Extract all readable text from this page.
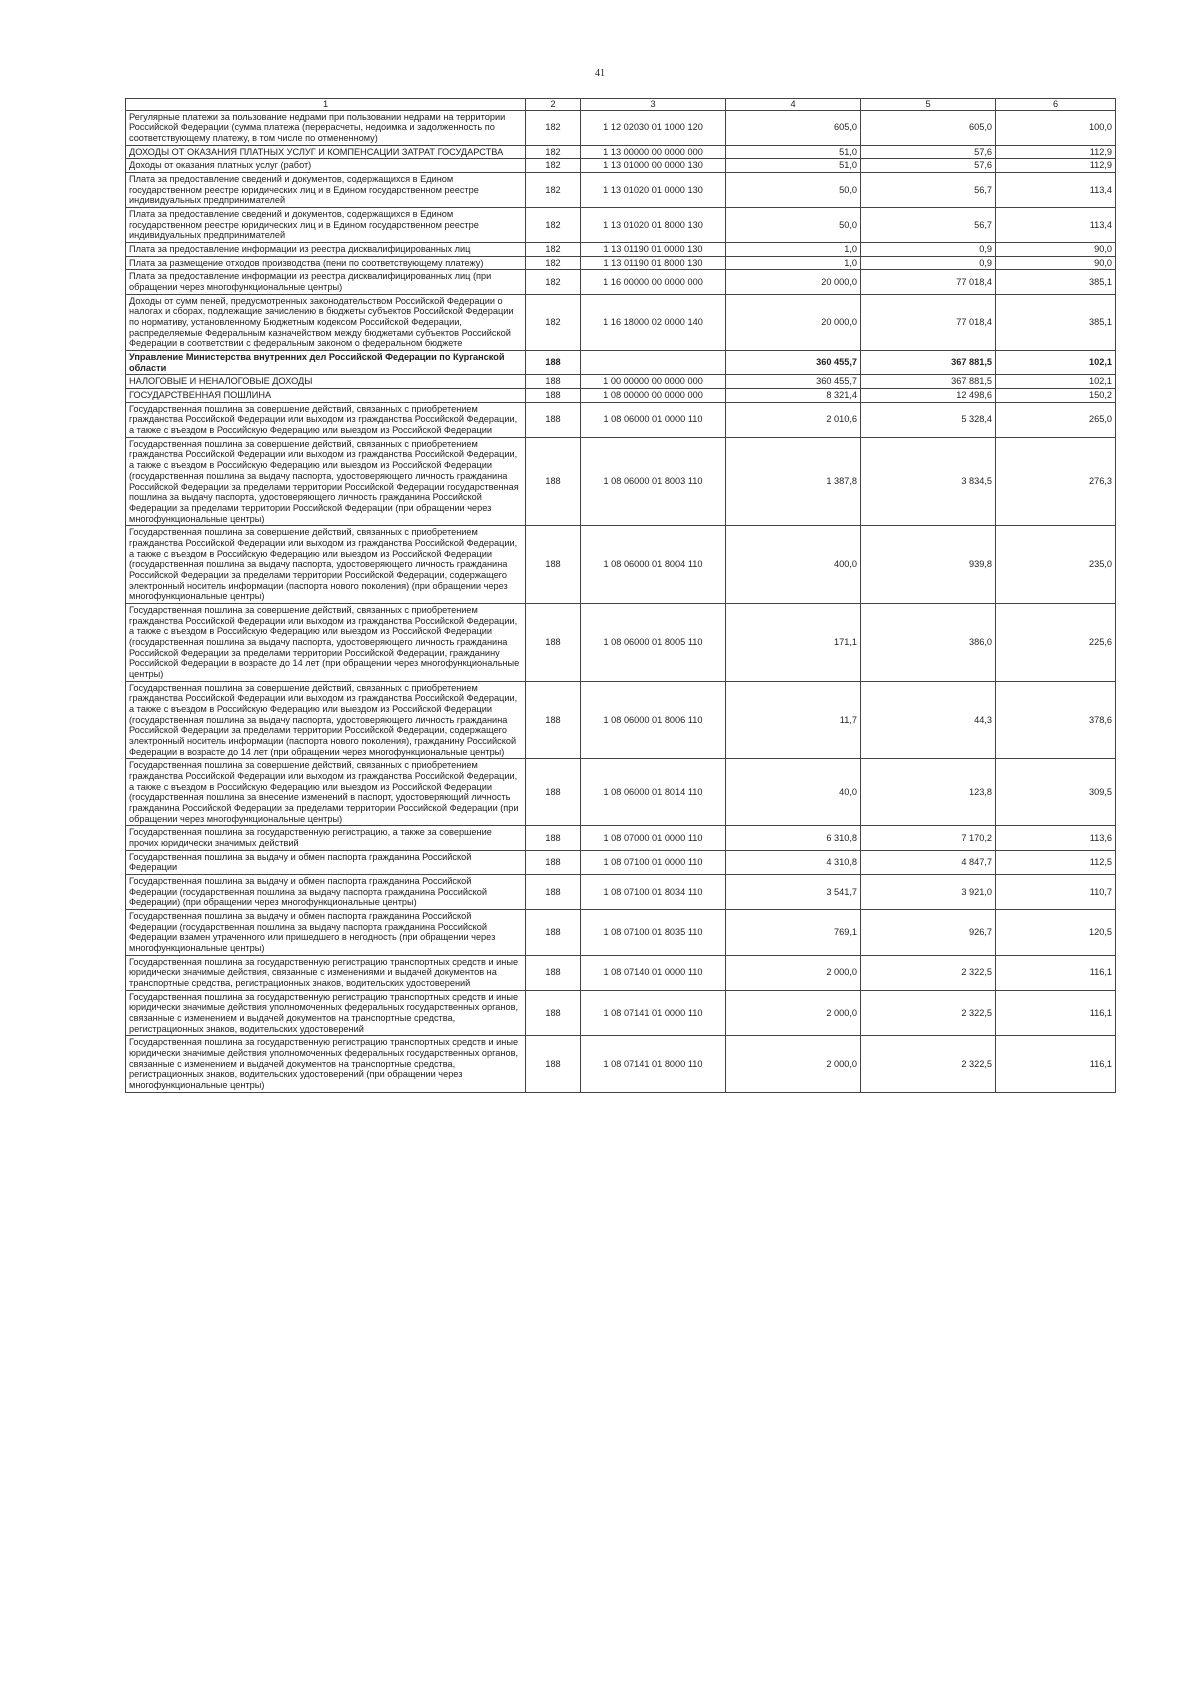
41
1	2	3	4	5	6
Регулярные платежи за пользование недрами при пользовании недрами на территории Российской Федерации (сумма платежа (перерасчеты, недоимка и задолженность по соответствующему платежу, в том числе по отмененному)	182	1 12 02030 01 1000 120	605,0	605,0	100,0
ДОХОДЫ ОТ ОКАЗАНИЯ ПЛАТНЫХ УСЛУГ И КОМПЕНСАЦИИ ЗАТРАТ ГОСУДАРСТВА	182	1 13 00000 00 0000 000	51,0	57,6	112,9
Доходы от оказания платных услуг (работ)	182	1 13 01000 00 0000 130	51,0	57,6	112,9
Плата за предоставление сведений и документов, содержащихся в Едином государственном реестре юридических лиц и в Едином государственном реестре индивидуальных предпринимателей	182	1 13 01020 01 0000 130	50,0	56,7	113,4
Плата за предоставление сведений и документов, содержащихся в Едином государственном реестре юридических лиц и в Едином государственном реестре индивидуальных предпринимателей	182	1 13 01020 01 8000 130	50,0	56,7	113,4
Плата за предоставление информации из реестра дисквалифицированных лиц	182	1 13 01190 01 0000 130	1,0	0,9	90,0
Плата за размещение отходов производства (пени по соответствующему платежу)	182	1 13 01190 01 8000 130	1,0	0,9	90,0
Плата за предоставление информации из реестра дисквалифицированных лиц (при обращении через многофункциональные центры)	182	1 16 00000 00 0000 000	20 000,0	77 018,4	385,1
Доходы от сумм пеней, предусмотренных законодательством Российской Федерации о налогах и сборах, подлежащие зачислению в бюджеты субъектов Российской Федерации по нормативу, установленному Бюджетным кодексом Российской Федерации, распределяемые Федеральным казначейством между бюджетами субъектов Российской Федерации в соответствии с федеральным законом о федеральном бюджете	182	1 16 18000 02 0000 140	20 000,0	77 018,4	385,1
Управление Министерства внутренних дел Российской Федерации по Курганской области	188		360 455,7	367 881,5	102,1
НАЛОГОВЫЕ И НЕНАЛОГОВЫЕ ДОХОДЫ	188	1 00 00000 00 0000 000	360 455,7	367 881,5	102,1
ГОСУДАРСТВЕННАЯ ПОШЛИНА	188	1 08 00000 00 0000 000	8 321,4	12 498,6	150,2
Государственная пошлина за совершение действий, связанных с приобретением гражданства Российской Федерации или выходом из гражданства Российской Федерации, а также с въездом в Российскую Федерацию или выездом из Российской Федерации	188	1 08 06000 01 0000 110	2 010,6	5 328,4	265,0
Государственная пошлина за совершение действий, связанных с приобретением гражданства Российской Федерации или выходом из гражданства Российской Федерации, а также с въездом в Российскую Федерацию или выездом из Российской Федерации (государственная пошлина за выдачу паспорта, удостоверяющего личность гражданина Российской Федерации за пределами территории Российской Федерации государственная пошлина за выдачу паспорта, удостоверяющего личность гражданина Российской Федерации за пределами территории Российской Федерации (при обращении через многофункциональные центры)	188	1 08 06000 01 8003 110	1 387,8	3 834,5	276,3
Государственная пошлина за совершение действий, связанных с приобретением гражданства Российской Федерации или выходом из гражданства Российской Федерации, а также с въездом в Российскую Федерацию или выездом из Российской Федерации (государственная пошлина за выдачу паспорта, удостоверяющего личность гражданина Российской Федерации за пределами территории Российской Федерации, содержащего электронный носитель информации (паспорта нового поколения) (при обращении через многофункциональные центры)	188	1 08 06000 01 8004 110	400,0	939,8	235,0
Государственная пошлина за совершение действий, связанных с приобретением гражданства Российской Федерации или выходом из гражданства Российской Федерации, а также с въездом в Российскую Федерацию или выездом из Российской Федерации (государственная пошлина за выдачу паспорта, удостоверяющего личность гражданина Российской Федерации за пределами территории Российской Федерации, гражданину Российской Федерации в возрасте до 14 лет (при обращении через многофункциональные центры)	188	1 08 06000 01 8005 110	171,1	386,0	225,6
Государственная пошлина за совершение действий, связанных с приобретением гражданства Российской Федерации или выходом из гражданства Российской Федерации, а также с въездом в Российскую Федерацию или выездом из Российской Федерации (государственная пошлина за выдачу паспорта, удостоверяющего личность гражданина Российской Федерации за пределами территории Российской Федерации, содержащего электронный носитель информации (паспорта нового поколения), гражданину Российской Федерации в возрасте до 14 лет (при обращении через многофункциональные центры)	188	1 08 06000 01 8006 110	11,7	44,3	378,6
Государственная пошлина за совершение действий, связанных с приобретением гражданства Российской Федерации или выходом из гражданства Российской Федерации, а также с въездом в Российскую Федерацию или выездом из Российской Федерации (государственная пошлина за внесение изменений в паспорт, удостоверяющий личность гражданина Российской Федерации за пределами территории Российской Федерации (при обращении через многофункциональные центры)	188	1 08 06000 01 8014 110	40,0	123,8	309,5
Государственная пошлина за государственную регистрацию, а также за совершение прочих юридически значимых действий	188	1 08 07000 01 0000 110	6 310,8	7 170,2	113,6
Государственная пошлина за выдачу и обмен паспорта гражданина Российской Федерации	188	1 08 07100 01 0000 110	4 310,8	4 847,7	112,5
Государственная пошлина за выдачу и обмен паспорта гражданина Российской Федерации (государственная пошлина за выдачу паспорта гражданина Российской Федерации) (при обращении через многофункциональные центры)	188	1 08 07100 01 8034 110	3 541,7	3 921,0	110,7
Государственная пошлина за выдачу и обмен паспорта гражданина Российской Федерации (государственная пошлина за выдачу паспорта гражданина Российской Федерации взамен утраченного или пришедшего в негодность (при обращении через многофункциональные центры)	188	1 08 07100 01 8035 110	769,1	926,7	120,5
Государственная пошлина за государственную регистрацию транспортных средств и иные юридически значимые действия, связанные с изменениями и выдачей документов на транспортные средства, регистрационных знаков, водительских удостоверений	188	1 08 07140 01 0000 110	2 000,0	2 322,5	116,1
Государственная пошлина за государственную регистрацию транспортных средств и иные юридически значимые действия уполномоченных федеральных государственных органов, связанные с изменением и выдачей документов на транспортные средства, регистрационных знаков, водительских удостоверений	188	1 08 07141 01 0000 110	2 000,0	2 322,5	116,1
Государственная пошлина за государственную регистрацию транспортных средств и иные юридически значимые действия уполномоченных федеральных государственных органов, связанные с изменением и выдачей документов на транспортные средства, регистрационных знаков, водительских удостоверений (при обращении через многофункциональные центры)	188	1 08 07141 01 8000 110	2 000,0	2 322,5	116,1
